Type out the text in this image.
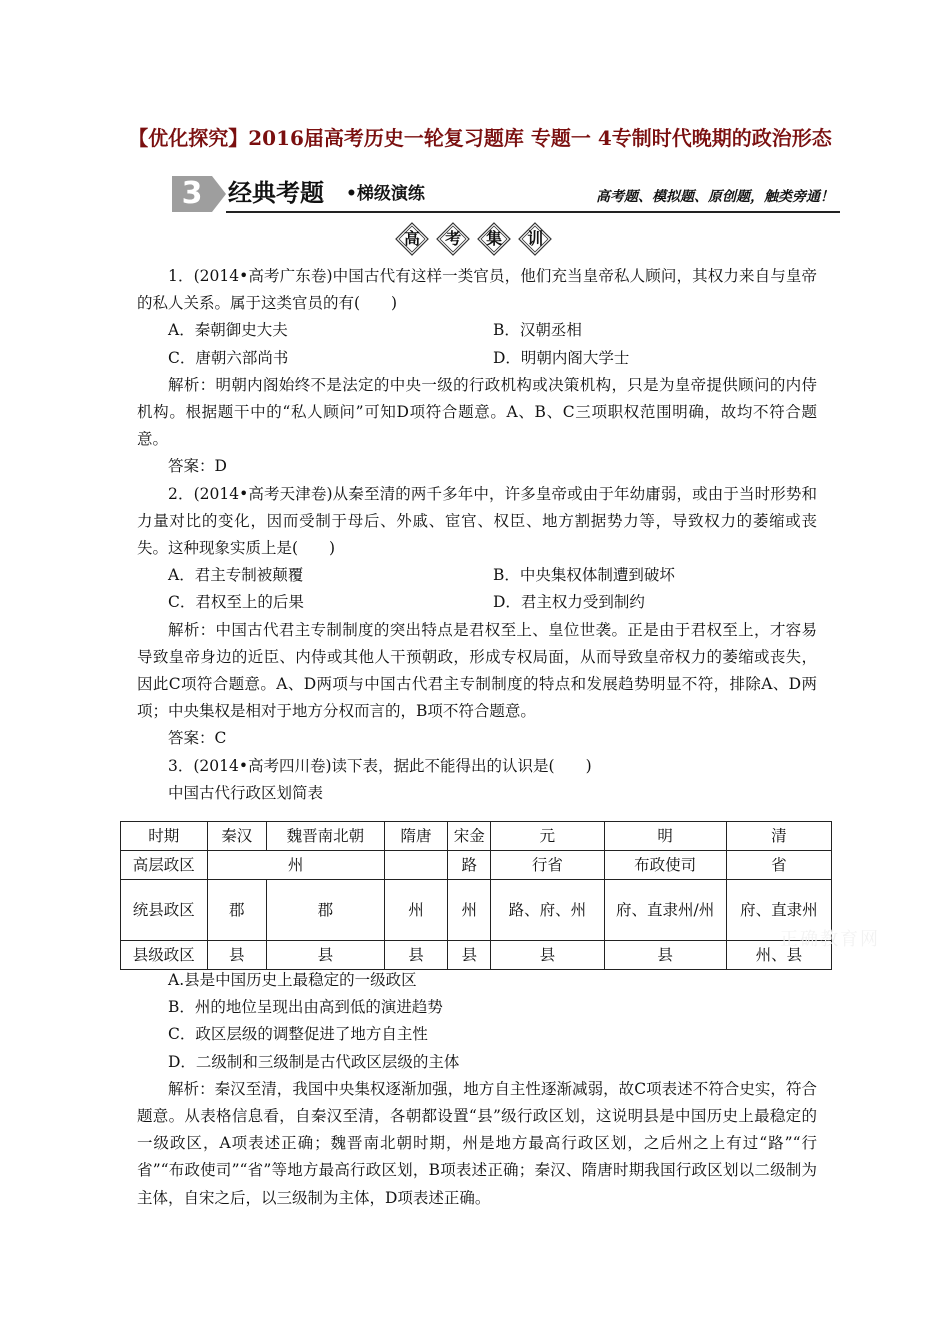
【优化探究】2016届高考历史一轮复习题库 专题一 4专制时代晚期的政治形态
3	经典考题 •梯级演练	高考题、模拟题、原创题，触类旁通！
高
	考
	集
	训

1．(2014•高考广东卷)中国古代有这样一类官员，他们充当皇帝私人顾问，其权力来自与皇帝的私人关系。属于这类官员的有(　　)

A．秦朝御史大夫	B．汉朝丞相
C．唐朝六部尚书	D．明朝内阁大学士

解析：明朝内阁始终不是法定的中央一级的行政机构或决策机构，只是为皇帝提供顾问的内侍机构。根据题干中的“私人顾问”可知D项符合题意。A、B、C三项职权范围明确，故均不符合题意。

答案：D

2．(2014•高考天津卷)从秦至清的两千多年中，许多皇帝或由于年幼庸弱，或由于当时形势和力量对比的变化，因而受制于母后、外戚、宦官、权臣、地方割据势力等，导致权力的萎缩或丧失。这种现象实质上是(　　)

A．君主专制被颠覆	B．中央集权体制遭到破坏
C．君权至上的后果	D．君主权力受到制约

解析：中国古代君主专制制度的突出特点是君权至上、皇位世袭。正是由于君权至上，才容易导致皇帝身边的近臣、内侍或其他人干预朝政，形成专权局面，从而导致皇帝权力的萎缩或丧失，因此C项符合题意。A、D两项与中国古代君主专制制度的特点和发展趋势明显不符，排除A、D两项；中央集权是相对于地方分权而言的，B项不符合题意。

答案：C

3．(2014•高考四川卷)读下表，据此不能得出的认识是(　　)

中国古代行政区划简表

时期	秦汉	魏晋南北朝	隋唐	宋金	元	明	清
高层政区	州			路	行省	布政使司	省
统县政区	郡	郡	州	州	路、府、州	府、直隶州/州	府、直隶州
县级政区	县	县	县	县	县	县	州、县
正确教育网
A.县是中国历史上最稳定的一级政区
B．州的地位呈现出由高到低的演进趋势
C．政区层级的调整促进了地方自主性
D．二级制和三级制是古代政区层级的主体

解析：秦汉至清，我国中央集权逐渐加强，地方自主性逐渐减弱，故C项表述不符合史实，符合题意。从表格信息看，自秦汉至清，各朝都设置“县”级行政区划，这说明县是中国历史上最稳定的一级政区，A项表述正确；魏晋南北朝时期，州是地方最高行政区划，之后州之上有过“路”“行省”“布政使司”“省”等地方最高行政区划，B项表述正确；秦汉、隋唐时期我国行政区划以二级制为主体，自宋之后，以三级制为主体，D项表述正确。
